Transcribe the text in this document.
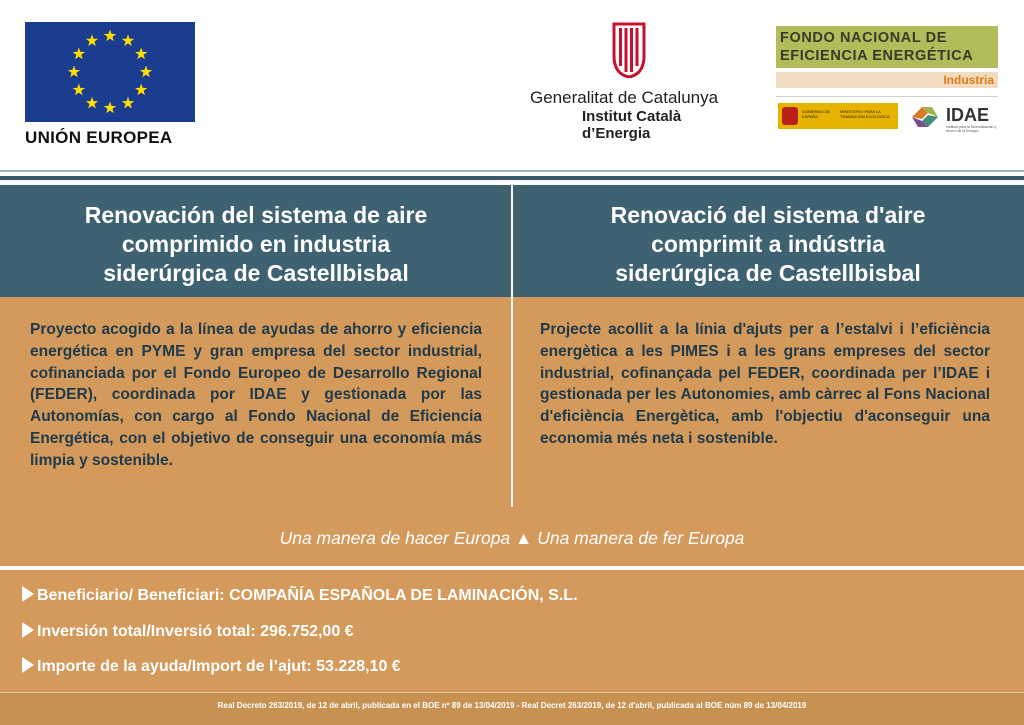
UNIÓN EUROPEA
Generalitat de Catalunya
Institut Català
d’Energia
FONDO NACIONAL DE
EFICIENCIA ENERGÉTICA
Industria
GOBIERNO DE ESPAÑA
MINISTERIO PARA LA TRANSICIÓN ECOLÓGICA	IDAE
Instituto para la Diversificación y Ahorro de la Energía
Renovación del sistema de aire
comprimido en industria
siderúrgica de Castellbisbal
Renovació del sistema d'aire
comprimit a indústria
siderúrgica de Castellbisbal
Proyecto acogido a la línea de ayudas de ahorro y eficiencia energética en PYME y gran empresa del sector industrial, cofinanciada por el Fondo Europeo de Desarrollo Regional (FEDER), coordinada por IDAE y gestionada por las Autonomías, con cargo al Fondo Nacional de Eficiencia Energética, con el objetivo de conseguir una economía más limpia y sostenible.
Projecte acollit a la línia d'ajuts per a l’estalvi i l’eficiència energètica a les PIMES i a les grans empreses del sector industrial, cofinançada pel FEDER, coordinada per l’IDAE i gestionada per les Autonomies, amb càrrec al Fons Nacional d'eficiència Energètica, amb l'objectiu d'aconseguir una economia més neta i sostenible.
Una manera de hacer Europa ▲ Una manera de fer Europa
Beneficiario/ Beneficiari: COMPAÑÍA ESPAÑOLA DE LAMINACIÓN, S.L.
Inversión total/Inversió total: 296.752,00 €
Importe de la ayuda/Import de l’ajut: 53.228,10 €
Real Decreto 263/2019, de 12 de abril, publicada en el BOE nº 89 de 13/04/2019 - Real Decret 263/2019, de 12 d'abril, publicada al BOE núm 89 de 13/04/2019
